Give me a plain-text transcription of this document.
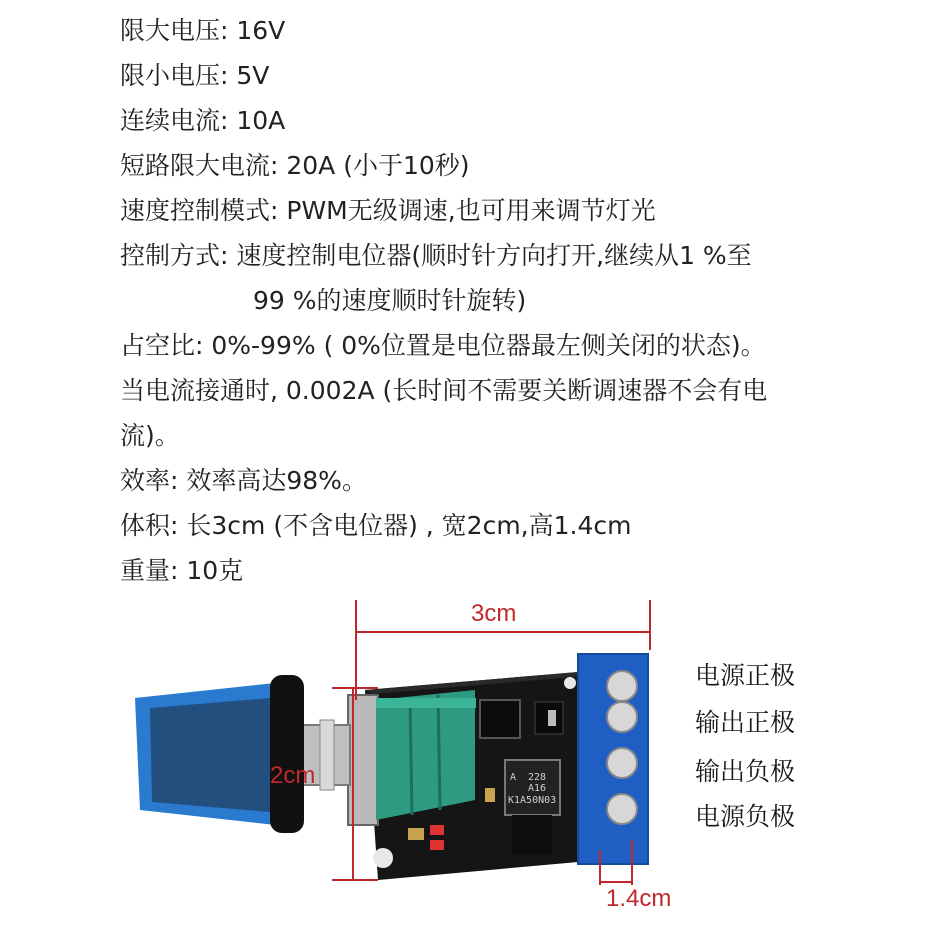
限大电压: 16V
限小电压: 5V
连续电流: 10A
短路限大电流: 20A (小于10秒)
速度控制模式: PWM无级调速,也可用来调节灯光
控制方式: 速度控制电位器(顺时针方向打开,继续从1 %至
99 %的速度顺时针旋转)
占空比: 0%-99% ( 0%位置是电位器最左侧关闭的状态)。
当电流接通时, 0.002A (长时间不需要关断调速器不会有电
流)。
效率: 效率高达98%。
体积: 长3cm (不含电位器) , 宽2cm,高1.4cm
重量: 10克
A 228
A16
K1A50N03
3cm
2cm
1.4cm
电源正极
输出正极
输出负极
电源负极
